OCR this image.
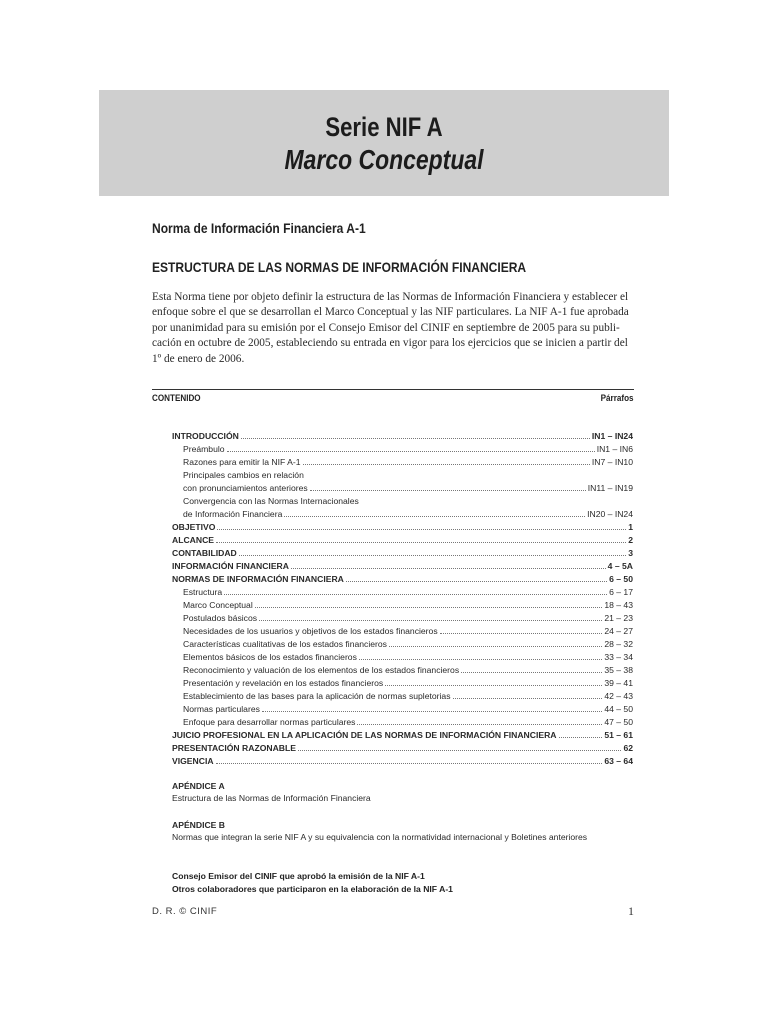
Serie NIF A
Marco Conceptual
Norma de Información Financiera A-1
ESTRUCTURA DE LAS NORMAS DE INFORMACIÓN FINANCIERA
Esta Norma tiene por objeto definir la estructura de las Normas de Información Financiera y establecer el
enfoque sobre el que se desarrollan el Marco Conceptual y las NIF particulares. La NIF A-1 fue aprobada
por unanimidad para su emisión por el Consejo Emisor del CINIF en septiembre de 2005 para su publi-
cación en octubre de 2005, estableciendo su entrada en vigor para los ejercicios que se inicien a partir del
1º de enero de 2006.
CONTENIDO	Párrafos
INTRODUCCIÓN	IN1 – IN24
Preámbulo	IN1 – IN6
Razones para emitir la NIF A-1	IN7 – IN10
Principales cambios en relación
con pronunciamientos anteriores	IN11 – IN19
Convergencia con las Normas Internacionales
de Información Financiera	IN20 – IN24
OBJETIVO	1
ALCANCE	2
CONTABILIDAD	3
INFORMACIÓN FINANCIERA	4 – 5A
NORMAS DE INFORMACIÓN FINANCIERA	6 – 50
Estructura	6 – 17
Marco Conceptual	18 – 43
Postulados básicos	21 – 23
Necesidades de los usuarios y objetivos de los estados financieros	24 – 27
Características cualitativas de los estados financieros	28 – 32
Elementos básicos de los estados financieros	33 – 34
Reconocimiento y valuación de los elementos de los estados financieros	35 – 38
Presentación y revelación en los estados financieros	39 – 41
Establecimiento de las bases para la aplicación de normas supletorias	42 – 43
Normas particulares	44 – 50
Enfoque para desarrollar normas particulares	47 – 50
JUICIO PROFESIONAL EN LA APLICACIÓN DE LAS NORMAS DE INFORMACIÓN FINANCIERA	51 – 61
PRESENTACIÓN RAZONABLE	62
VIGENCIA	63 – 64
APÉNDICE A
Estructura de las Normas de Información Financiera
APÉNDICE B
Normas que integran la serie NIF A y su equivalencia con la normatividad internacional y Boletines anteriores
Consejo Emisor del CINIF que aprobó la emisión de la NIF A-1
Otros colaboradores que participaron en la elaboración de la NIF A-1
D. R. © CINIF	1
